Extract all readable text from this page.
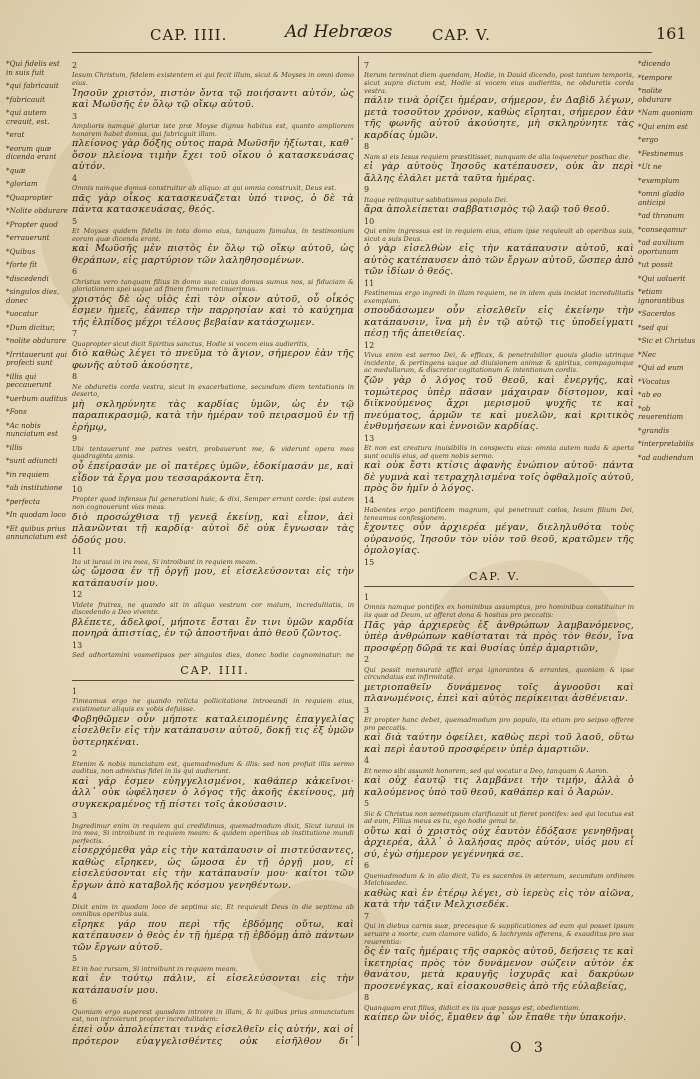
CAP. IIII.	Ad Hebræos	CAP. V.	161
*Qui fidelis est in suis fuit
*qui fabricauit
*fabricauit
*qui autem creauit, est.
*erat
*eorum quæ dicenda erant
*quæ
*gloriam
*Quapropter
*Nolite obdurare
*Propter quod
*errauerunt
*Quibus
*forte fit
*discedendi
*singulos dies, donec
*uocatur
*Dum dicitur,
*nolite obdurare
*Irritauerunt qui profecti sunt
*illis qui peccauerunt
*uerbum auditus
*Fons
*Ac nobis nunciatum est
*illis
*sunt adiuncti
*in requiem
*ab institutione
*perfecta
*In quodam loco
*Et quibus prius annunciatum est

2
Iesum Christum, fidelem existentem ei qui fecit illum, sicut & Moyses in omni domo eius.
Ἰησοῦν χριστόν, πιστὸν ὄντα τῷ ποιήσαντι αὐτόν, ὡς καὶ Μωϋσῆς ἐν ὅλῳ τῷ οἴκῳ αὐτοῦ.

3
Amplioris namque gloriæ iste præ Moyse dignus habitus est, quanto ampliorem honorem habet domus, qui fabricauit illam.
πλείονος γὰρ δόξης οὗτος παρὰ Μωϋσῆν ἠξίωται, καθ᾽ ὅσον πλείονα τιμὴν ἔχει τοῦ οἴκου ὁ κατασκευάσας αὐτόν.

4
Omnis namque domus construitur ab aliquo: at qui omnia construxit, Deus est.
πᾶς γὰρ οἶκος κατασκευάζεται ὑπό τινος, ὁ δὲ τὰ πάντα κατασκευάσας, θεός.

5
Et Moyses quidem fidelis in tota domo eius, tanquam famulus, in testimonium eorum quæ dicenda erant.
καὶ Μωϋσῆς μὲν πιστὸς ἐν ὅλῳ τῷ οἴκῳ αὐτοῦ, ὡς θεράπων, εἰς μαρτύριον τῶν λαληθησομένων.

6
Christus vero tanquam filius in domo sua: cuius domus sumus nos, si fiduciam & gloriationem spei usque ad finem firmam retinuerimus.
χριστὸς δὲ ὡς υἱὸς ἐπὶ τὸν οἶκον αὐτοῦ, οὗ οἶκός ἐσμεν ἡμεῖς, ἐάνπερ τὴν παρρησίαν καὶ τὸ καύχημα τῆς ἐλπίδος μέχρι τέλους βεβαίαν κατάσχωμεν.

7
Quapropter sicut dicit Spiritus sanctus, Hodie si vocem eius audieritis,
διὸ καθὼς λέγει τὸ πνεῦμα τὸ ἅγιον, σήμερον ἐὰν τῆς φωνῆς αὐτοῦ ἀκούσητε,

8
Ne obduretis corda vestra, sicut in exacerbatione, secundum diem tentationis in deserto,
μὴ σκληρύνητε τὰς καρδίας ὑμῶν, ὡς ἐν τῷ παραπικρασμῷ, κατὰ τὴν ἡμέραν τοῦ πειρασμοῦ ἐν τῇ ἐρήμῳ,

9
Ubi tentauerunt me patres vestri, probauerunt me, & viderunt opera mea quadraginta annis.
οὗ ἐπείρασάν με οἱ πατέρες ὑμῶν, ἐδοκίμασάν με, καὶ εἶδον τὰ ἔργα μου τεσσαράκοντα ἔτη.

10
Propter quod infensus fui generationi huic, & dixi, Semper errant corde: ipsi autem non cognouerunt vias meas.
διὸ προσώχθισα τῇ γενεᾷ ἐκείνῃ, καὶ εἶπον, ἀεὶ πλανῶνται τῇ καρδίᾳ· αὐτοὶ δὲ οὐκ ἔγνωσαν τὰς ὁδούς μου.

11
Ita ut iuraui in ira mea, Si introibunt in requiem meam.
ὡς ὤμοσα ἐν τῇ ὀργῇ μου, εἰ εἰσελεύσονται εἰς τὴν κατάπαυσίν μου.

12
Videte fratres, ne quando sit in aliquo vestrum cor malum, incredulitatis, in discedendo a Deo vivente.
βλέπετε, ἀδελφοί, μήποτε ἔσται ἔν τινι ὑμῶν καρδία πονηρὰ ἀπιστίας, ἐν τῷ ἀποστῆναι ἀπὸ θεοῦ ζῶντος.

13
Sed adhortamini vosmetipsos per singulos dies, donec hodie cognominatur: ne

CAP. IIII.

1
Timeamus ergo ne quando relicta pollicitatione introeundi in requiem eius, existimetur aliquis ex vobis defuisse.
Φοβηθῶμεν οὖν μήποτε καταλειπομένης ἐπαγγελίας εἰσελθεῖν εἰς τὴν κατάπαυσιν αὐτοῦ, δοκῇ τις ἐξ ὑμῶν ὑστερηκέναι.

2
Etenim & nobis nunciatum est, quemadmodum & illis: sed non profuit illis sermo auditus, non admixtus fidei in iis qui audierunt.
καὶ γάρ ἐσμεν εὐηγγελισμένοι, καθάπερ κἀκεῖνοι· ἀλλ᾽ οὐκ ὠφέλησεν ὁ λόγος τῆς ἀκοῆς ἐκείνους, μὴ συγκεκραμένος τῇ πίστει τοῖς ἀκούσασιν.

3
Ingredimur enim in requiem qui credidimus, quemadmodum dixit, Sicut iuraui in ira mea, Si introibunt in requiem meam: & quidem operibus ab institutione mundi perfectis.
εἰσερχόμεθα γὰρ εἰς τὴν κατάπαυσιν οἱ πιστεύσαντες, καθὼς εἴρηκεν, ὡς ὤμοσα ἐν τῇ ὀργῇ μου, εἰ εἰσελεύσονται εἰς τὴν κατάπαυσίν μου· καίτοι τῶν ἔργων ἀπὸ καταβολῆς κόσμου γενηθέντων.

4
Dixit enim in quodam loco de septima sic, Et requieuit Deus in die septima ab omnibus operibus suis.
εἴρηκε γάρ που περὶ τῆς ἑβδόμης οὕτω, καὶ κατέπαυσεν ὁ θεὸς ἐν τῇ ἡμέρᾳ τῇ ἑβδόμῃ ἀπὸ πάντων τῶν ἔργων αὐτοῦ.

5
Et in hoc rursum, Si introibunt in requiem meam.
καὶ ἐν τούτῳ πάλιν, εἰ εἰσελεύσονται εἰς τὴν κατάπαυσίν μου.

6
Quoniam ergo superest quosdam introire in illam, & hi quibus prius annunciatum est, non introierunt propter incredulitatem:
ἐπεὶ οὖν ἀπολείπεται τινὰς εἰσελθεῖν εἰς αὐτήν, καὶ οἱ πρότερον εὐαγγελισθέντες οὐκ εἰσῆλθον δι᾽

7
Iterum terminat diem quendam, Hodie, in Dauid dicendo, post tantum temporis, sicut supra dictum est, Hodie si vocem eius audieritis, ne obduretis corda vestra.
πάλιν τινὰ ὁρίζει ἡμέραν, σήμερον, ἐν Δαβὶδ λέγων, μετὰ τοσοῦτον χρόνον, καθὼς εἴρηται, σήμερον ἐὰν τῆς φωνῆς αὐτοῦ ἀκούσητε, μὴ σκληρύνητε τὰς καρδίας ὑμῶν.

8
Nam si eis Iesus requiem præstitisset, nunquam de alia loqueretur posthac die.
εἰ γὰρ αὐτοὺς Ἰησοῦς κατέπαυσεν, οὐκ ἂν περὶ ἄλλης ἐλάλει μετὰ ταῦτα ἡμέρας.

9
Itaque relinquitur sabbatismus populo Dei.
ἄρα ἀπολείπεται σαββατισμὸς τῷ λαῷ τοῦ θεοῦ.

10
Qui enim ingressus est in requiem eius, etiam ipse requieuit ab operibus suis, sicut a suis Deus.
ὁ γὰρ εἰσελθὼν εἰς τὴν κατάπαυσιν αὐτοῦ, καὶ αὐτὸς κατέπαυσεν ἀπὸ τῶν ἔργων αὐτοῦ, ὥσπερ ἀπὸ τῶν ἰδίων ὁ θεός.

11
Festinemus ergo ingredi in illam requiem, ne in idem quis incidat incredulitatis exemplum.
σπουδάσωμεν οὖν εἰσελθεῖν εἰς ἐκείνην τὴν κατάπαυσιν, ἵνα μὴ ἐν τῷ αὐτῷ τις ὑποδείγματι πέσῃ τῆς ἀπειθείας.

12
Vivus enim est sermo Dei, & efficax, & penetrabilior quouis gladio utrinque incidente, & pertingens usque ad diuisionem animæ & spiritus, compagumque ac medullarum, & discretor cogitationum & intentionum cordis.
ζῶν γὰρ ὁ λόγος τοῦ θεοῦ, καὶ ἐνεργής, καὶ τομώτερος ὑπὲρ πᾶσαν μάχαιραν δίστομον, καὶ διϊκνούμενος ἄχρι μερισμοῦ ψυχῆς τε καὶ πνεύματος, ἁρμῶν τε καὶ μυελῶν, καὶ κριτικὸς ἐνθυμήσεων καὶ ἐννοιῶν καρδίας.

13
Et non est creatura inuisibilis in conspectu eius: omnia autem nuda & aperta sunt oculis eius, ad quem nobis sermo.
καὶ οὐκ ἔστι κτίσις ἀφανὴς ἐνώπιον αὐτοῦ· πάντα δὲ γυμνὰ καὶ τετραχηλισμένα τοῖς ὀφθαλμοῖς αὐτοῦ, πρὸς ὃν ἡμῖν ὁ λόγος.

14
Habentes ergo pontificem magnum, qui penetrauit cœlos, Iesum filium Dei, teneamus confessionem.
ἔχοντες οὖν ἀρχιερέα μέγαν, διεληλυθότα τοὺς οὐρανούς, Ἰησοῦν τὸν υἱὸν τοῦ θεοῦ, κρατῶμεν τῆς ὁμολογίας.

15

CAP. V.

1
Omnis namque pontifex ex hominibus assumptus, pro hominibus constituitur in iis quæ ad Deum, ut offerat dona & hostias pro peccatis:
Πᾶς γὰρ ἀρχιερεὺς ἐξ ἀνθρώπων λαμβανόμενος, ὑπὲρ ἀνθρώπων καθίσταται τὰ πρὸς τὸν θεόν, ἵνα προσφέρῃ δῶρά τε καὶ θυσίας ὑπὲρ ἁμαρτιῶν,

2
Qui possit mensuratè affici erga ignorantes & errantes, quoniam & ipse circundatus est infirmitate.
μετριοπαθεῖν δυνάμενος τοῖς ἀγνοοῦσι καὶ πλανωμένοις, ἐπεὶ καὶ αὐτὸς περίκειται ἀσθένειαν.

3
Et propter hanc debet, quemadmodum pro populo, ita etiam pro seipso offerre pro peccatis.
καὶ διὰ ταύτην ὀφείλει, καθὼς περὶ τοῦ λαοῦ, οὕτω καὶ περὶ ἑαυτοῦ προσφέρειν ὑπὲρ ἁμαρτιῶν.

4
Et nemo sibi assumit honorem, sed qui vocatur a Deo, tanquam & Aaron.
καὶ οὐχ ἑαυτῷ τις λαμβάνει τὴν τιμήν, ἀλλὰ ὁ καλούμενος ὑπὸ τοῦ θεοῦ, καθάπερ καὶ ὁ Ἀαρών.

5
Sic & Christus non semetipsum clarificauit ut fieret pontifex: sed qui locutus est ad eum, Filius meus es tu, ego hodie genui te.
οὕτω καὶ ὁ χριστὸς οὐχ ἑαυτὸν ἐδόξασε γενηθῆναι ἀρχιερέα, ἀλλ᾽ ὁ λαλήσας πρὸς αὐτόν, υἱός μου εἶ σύ, ἐγὼ σήμερον γεγέννηκά σε.

6
Quemadmodum & in alio dicit, Tu es sacerdos in æternum, secundum ordinem Melchisedec.
καθὼς καὶ ἐν ἑτέρῳ λέγει, σὺ ἱερεὺς εἰς τὸν αἰῶνα, κατὰ τὴν τάξιν Μελχισεδέκ.

7
Qui in diebus carnis suæ, precesque & supplicationes ad eum qui posset ipsum seruare a morte, cum clamore valido, & lachrymis offerens, & exauditus pro sua reuerentia:
ὃς ἐν ταῖς ἡμέραις τῆς σαρκὸς αὐτοῦ, δεήσεις τε καὶ ἱκετηρίας πρὸς τὸν δυνάμενον σώζειν αὐτὸν ἐκ θανάτου, μετὰ κραυγῆς ἰσχυρᾶς καὶ δακρύων προσενέγκας, καὶ εἰσακουσθεὶς ἀπὸ τῆς εὐλαβείας,

8
Quanquam erat filius, didicit ex iis quæ passus est, obedientiam.
καίπερ ὢν υἱός, ἔμαθεν ἀφ᾽ ὧν ἔπαθε τὴν ὑπακοήν.

*dicendo
*tempore
*nolite obdurare
*Nam quoniam
*Qui enim est
*ergo
*Festinemus
*Ut ne
*exemplum
*omni gladio anticipi
*ad thronum
*conseqamur
*ad auxilium oportunum
*ut possit
*Qui uoluerit
*etiam ignorantibus
*Sacerdos
*sed qui
*Sic et Christus
*Nec
*Qui ad eum
*Vocatus
*ab eo
*ob reuerentiam
*grandis
*interpretabilis
*ad audiendum
O 3
